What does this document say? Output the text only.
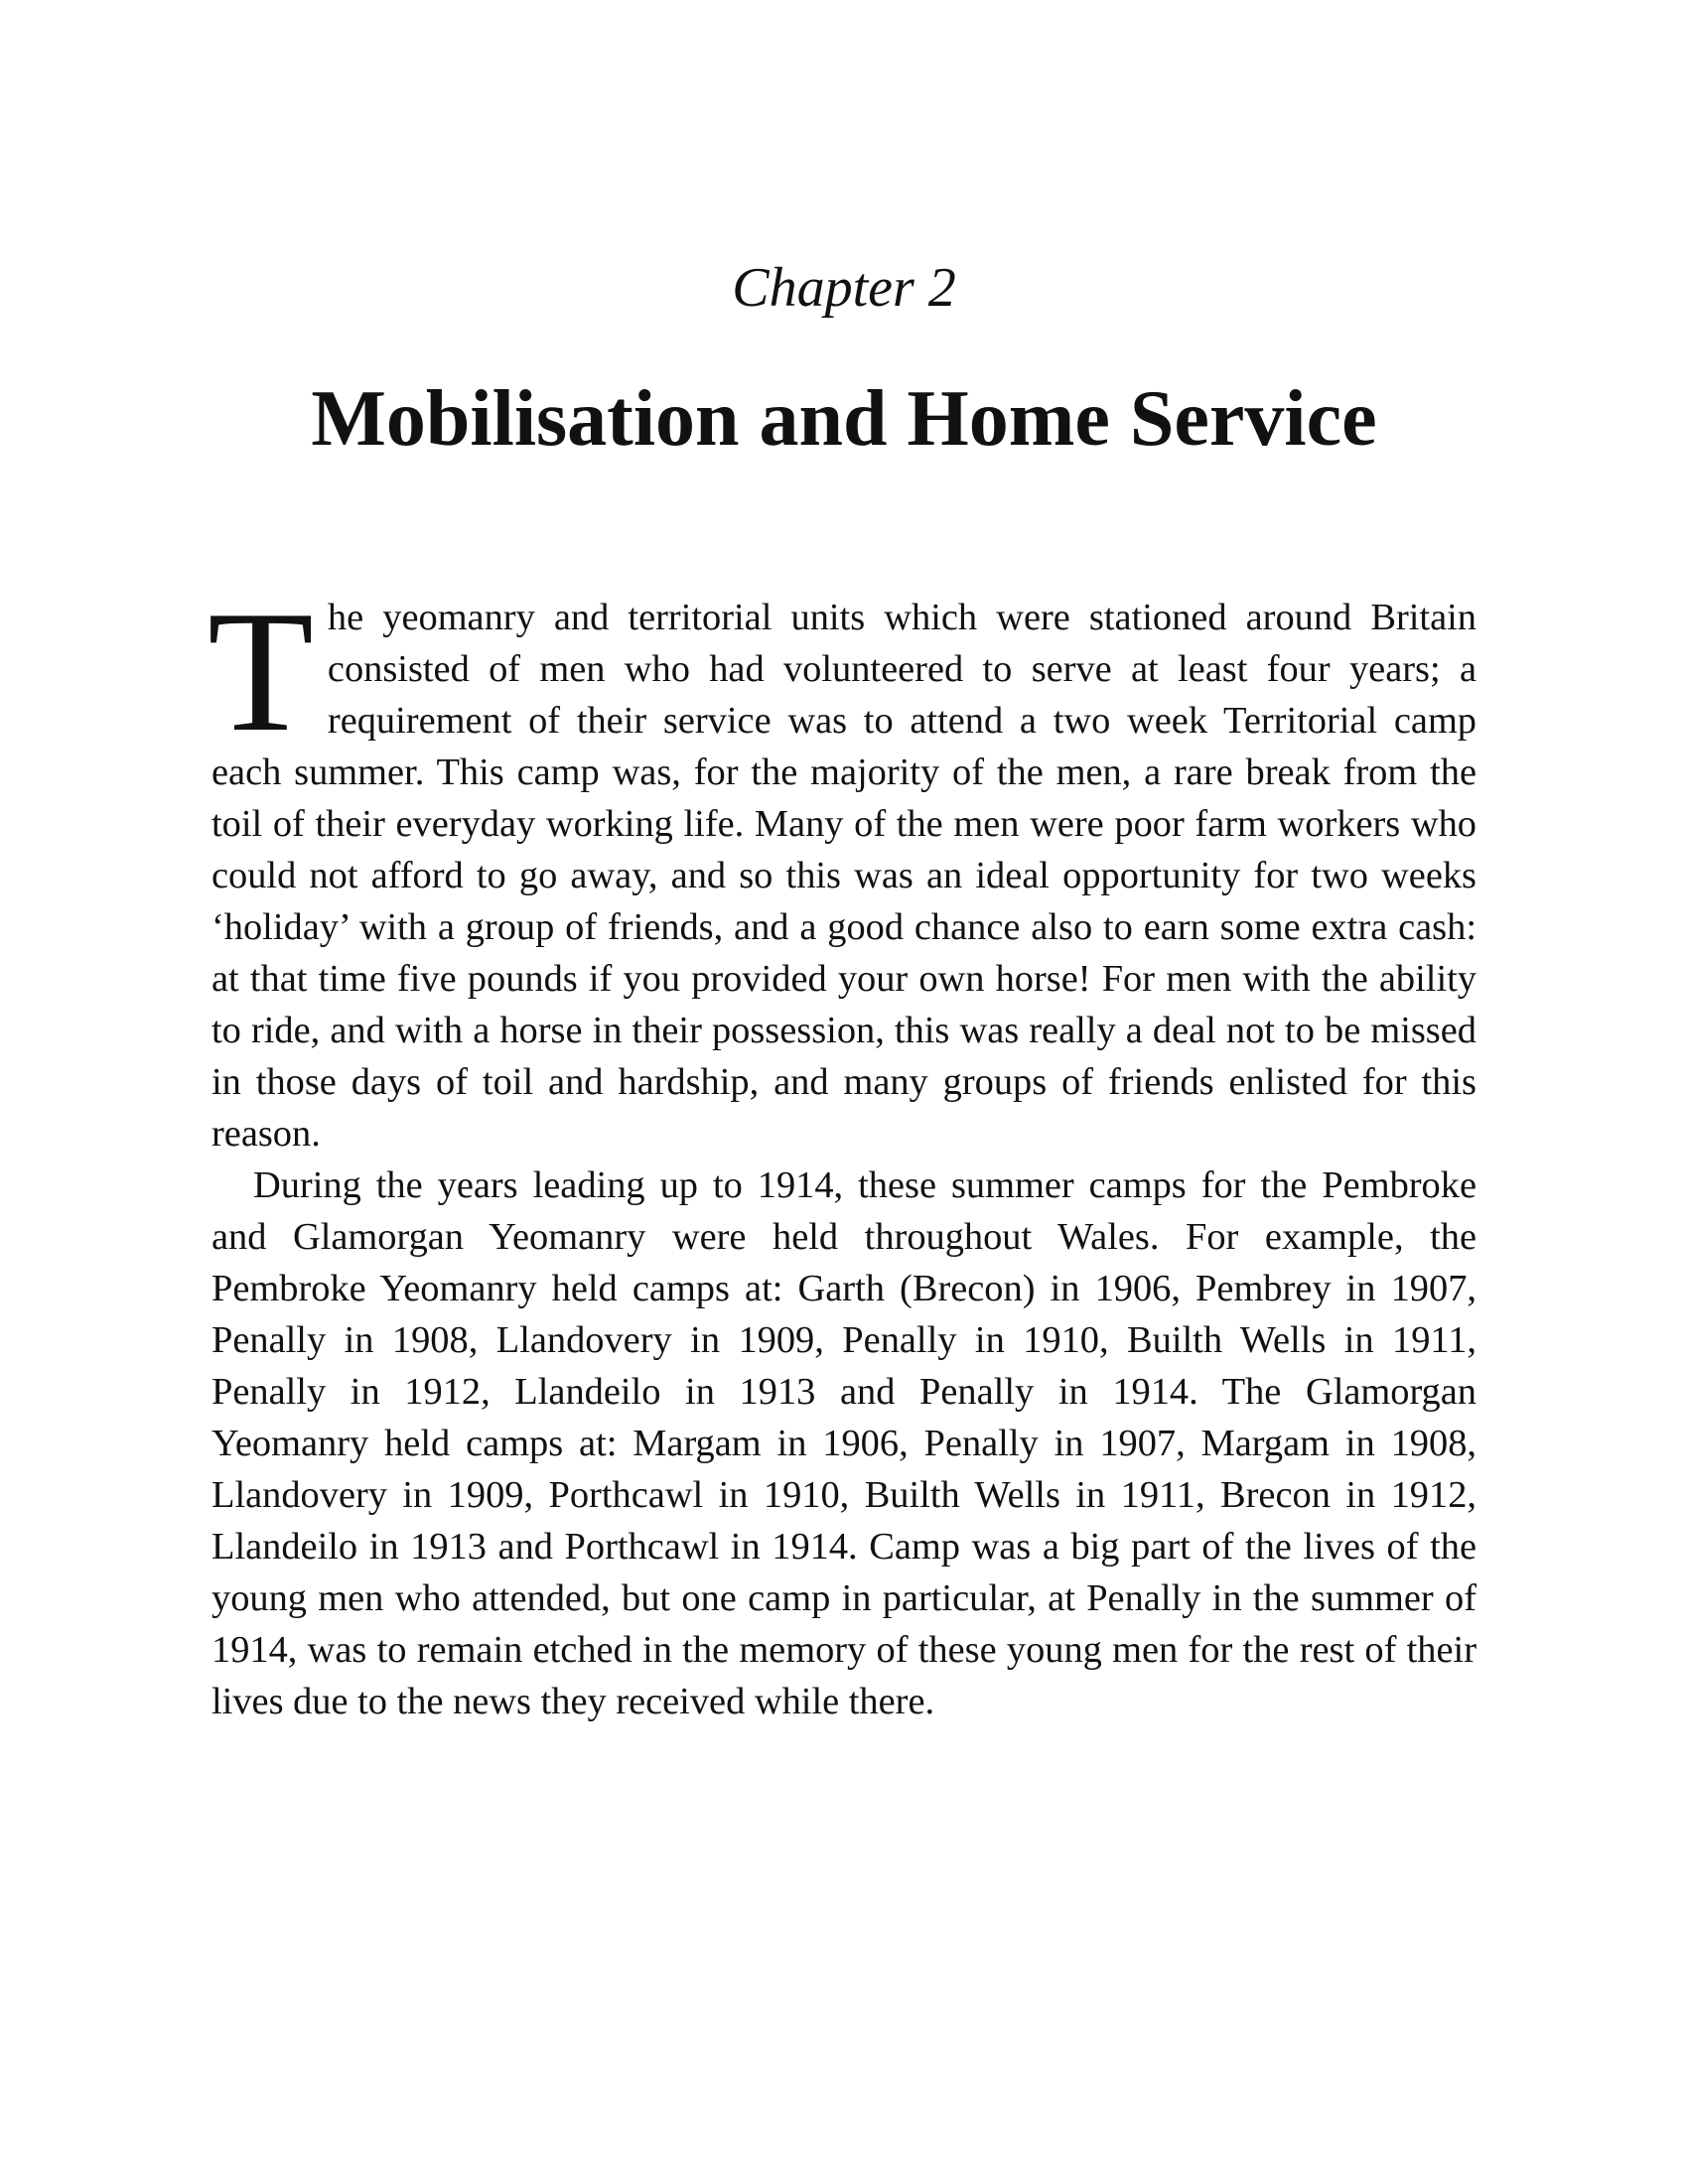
Chapter 2
Mobilisation and Home Service

The yeomanry and territorial units which were stationed around Britain consisted of men who had volunteered to serve at least four years; a requirement of their service was to attend a two week Territorial camp each summer. This camp was, for the majority of the men, a rare break from the toil of their everyday working life. Many of the men were poor farm workers who could not afford to go away, and so this was an ideal opportunity for two weeks ‘holiday’ with a group of friends, and a good chance also to earn some extra cash: at that time five pounds if you provided your own horse! For men with the ability to ride, and with a horse in their possession, this was really a deal not to be missed in those days of toil and hardship, and many groups of friends enlisted for this reason.

During the years leading up to 1914, these summer camps for the Pembroke and Glamorgan Yeomanry were held throughout Wales. For example, the Pembroke Yeomanry held camps at: Garth (Brecon) in 1906, Pembrey in 1907, Penally in 1908, Llandovery in 1909, Penally in 1910, Builth Wells in 1911, Penally in 1912, Llandeilo in 1913 and Penally in 1914. The Glamorgan Yeomanry held camps at: Margam in 1906, Penally in 1907, Margam in 1908, Llandovery in 1909, Porthcawl in 1910, Builth Wells in 1911, Brecon in 1912, Llandeilo in 1913 and Porthcawl in 1914. Camp was a big part of the lives of the young men who attended, but one camp in particular, at Penally in the summer of 1914, was to remain etched in the memory of these young men for the rest of their lives due to the news they received while there.
